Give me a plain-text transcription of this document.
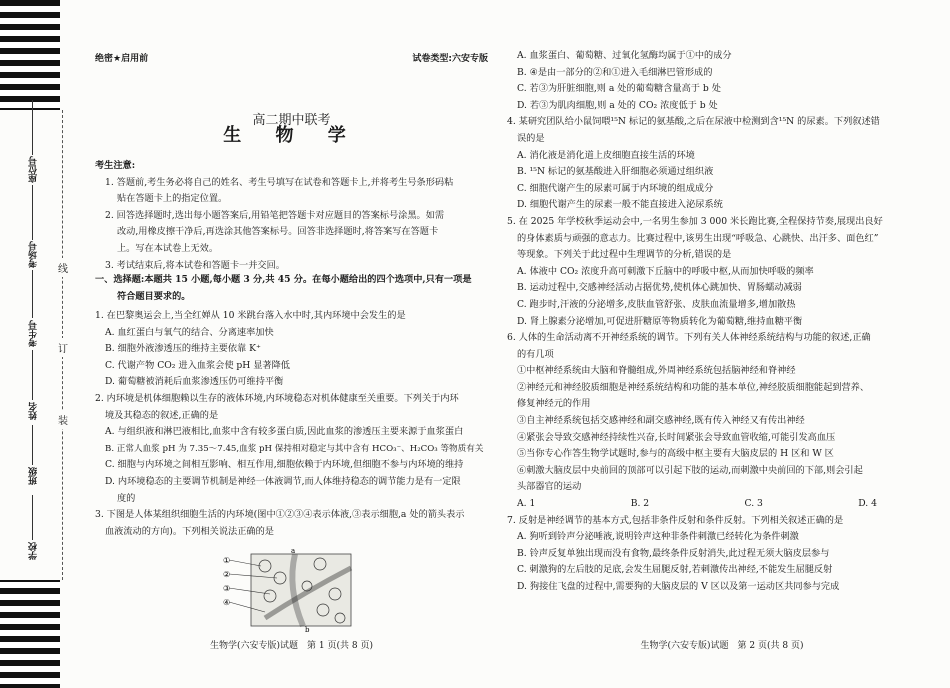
座位号
考场号
考生号
姓名
班级
学校
线
订
装
绝密★启用前	试卷类型:六安专版
高二期中联考
生 物 学
考生注意:
1. 答题前,考生务必将自己的姓名、考生号填写在试卷和答题卡上,并将考生号条形码粘
贴在答题卡上的指定位置。
2. 回答选择题时,选出每小题答案后,用铅笔把答题卡对应题目的答案标号涂黑。如需
改动,用橡皮擦干净后,再选涂其他答案标号。回答非选择题时,将答案写在答题卡
上。写在本试卷上无效。
3. 考试结束后,将本试卷和答题卡一并交回。
一、选择题:本题共 15 小题,每小题 3 分,共 45 分。在每小题给出的四个选项中,只有一项是
符合题目要求的。
1. 在巴黎奥运会上,当全红婵从 10 米跳台落入水中时,其内环境中会发生的是
A. 血红蛋白与氧气的结合、分离速率加快
B. 细胞外液渗透压的维持主要依靠 K⁺
C. 代谢产物 CO₂ 进入血浆会使 pH 显著降低
D. 葡萄糖被消耗后血浆渗透压仍可维持平衡
2. 内环境是机体细胞赖以生存的液体环境,内环境稳态对机体健康至关重要。下列关于内环
境及其稳态的叙述,正确的是
A. 与组织液和淋巴液相比,血浆中含有较多蛋白质,因此血浆的渗透压主要来源于血浆蛋白
B. 正常人血浆 pH 为 7.35～7.45,血浆 pH 保持相对稳定与其中含有 HCO₃⁻、H₂CO₃ 等物质有关
C. 细胞与内环境之间相互影响、相互作用,细胞依赖于内环境,但细胞不参与内环境的维持
D. 内环境稳态的主要调节机制是神经一体液调节,而人体维持稳态的调节能力是有一定限
度的
3. 下图是人体某组织细胞生活的内环境(图中①②③④表示体液,③表示细胞,a 处的箭头表示
血液流动的方向)。下列相关说法正确的是
①
②
③
④
a
b
生物学(六安专版)试题　第 1 页(共 8 页)
A. 血浆蛋白、葡萄糖、过氧化氢酶均属于①中的成分
B. ④是由一部分的②和①进入毛细淋巴管形成的
C. 若③为肝脏细胞,则 a 处的葡萄糖含量高于 b 处
D. 若③为肌肉细胞,则 a 处的 CO₂ 浓度低于 b 处
4. 某研究团队给小鼠饲喂¹⁵N 标记的氨基酸,之后在尿液中检测到含¹⁵N 的尿素。下列叙述错
误的是
A. 消化液是消化道上皮细胞直接生活的环境
B. ¹⁵N 标记的氨基酸进入肝细胞必须通过组织液
C. 细胞代谢产生的尿素可属于内环境的组成成分
D. 细胞代谢产生的尿素一般不能直接进入泌尿系统
5. 在 2025 年学校秋季运动会中,一名男生参加 3 000 米长跑比赛,全程保持节奏,展现出良好
的身体素质与顽强的意志力。比赛过程中,该男生出现“呼吸急、心跳快、出汗多、面色红”
等现象。下列关于此过程中生理调节的分析,错误的是
A. 体液中 CO₂ 浓度升高可刺激下丘脑中的呼吸中枢,从而加快呼吸的频率
B. 运动过程中,交感神经活动占据优势,使机体心跳加快、胃肠蠕动减弱
C. 跑步时,汗液的分泌增多,皮肤血管舒张、皮肤血流量增多,增加散热
D. 肾上腺素分泌增加,可促进肝糖原等物质转化为葡萄糖,维持血糖平衡
6. 人体的生命活动离不开神经系统的调节。下列有关人体神经系统结构与功能的叙述,正确
的有几项
①中枢神经系统由大脑和脊髓组成,外周神经系统包括脑神经和脊神经
②神经元和神经胶质细胞是神经系统结构和功能的基本单位,神经胶质细胞能起到营养、
修复神经元的作用
③自主神经系统包括交感神经和副交感神经,既有传入神经又有传出神经
④紧张会导致交感神经持续性兴奋,长时间紧张会导致血管收缩,可能引发高血压
⑤当你专心作答生物学试题时,参与的高级中枢主要有大脑皮层的 H 区和 W 区
⑥刺激大脑皮层中央前回的顶部可以引起下肢的运动,而刺激中央前回的下部,则会引起
头部器官的运动
A. 1	B. 2	C. 3	D. 4
7. 反射是神经调节的基本方式,包括非条件反射和条件反射。下列相关叙述正确的是
A. 狗听到铃声分泌唾液,说明铃声这种非条件刺激已经转化为条件刺激
B. 铃声反复单独出现而没有食物,最终条件反射消失,此过程无须大脑皮层参与
C. 刺激狗的左后肢的足底,会发生屈腿反射,若刺激传出神经,不能发生屈腿反射
D. 狗接住飞盘的过程中,需要狗的大脑皮层的 V 区以及第一运动区共同参与完成
生物学(六安专版)试题　第 2 页(共 8 页)
